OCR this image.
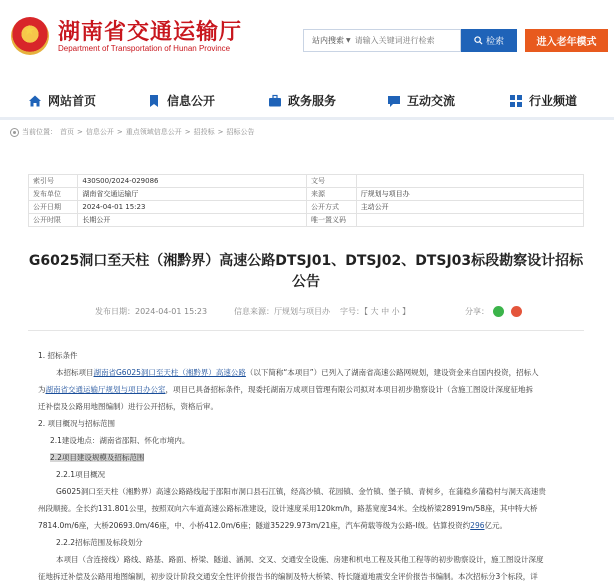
★ 湖南省交通运输厅
Department of Transportation of Hunan Province
站内搜索 ▼
请输入关键词进行检索	检索	进入老年模式
网站首页	信息公开	政务服务	互动交流	行业频道
当前位置： 首页 > 信息公开 > 重点领域信息公开 > 招投标 > 招标公告
索引号	430S00/2024-029086	文号	
发布单位	湖南省交通运输厅	来源	厅规划与项目办
公开日期	2024-04-01 15:23	公开方式	主动公开
公开时限	长期公开	唯一置义码	
G6025洞口至天柱（湘黔界）高速公路DTSJ01、DTSJ02、DTSJ03标段勘察设计招标公告
发布日期：2024-04-01 15:23	信息来源：厅规划与项目办 字号：【 大 中 小 】	分享：
1. 招标条件
本招标项目湖南省G6025洞口至天柱（湘黔界）高速公路（以下简称“本项目”）已列入了湖南省高速公路网规划，建设资金来自国内投资，招标人
为湖南省交通运输厅规划与项目办公室，项目已具备招标条件，现委托湖南万成项目管理有限公司拟对本项目初步勘察设计（含施工图设计深度征地拆
迁补偿及公路用地图编制）进行公开招标，资格后审。
2. 项目概况与招标范围
2.1建设地点：湖南省邵阳、怀化市境内。
2.2项目建设规模及招标范围
2.2.1项目概况
G6025洞口至天柱（湘黔界）高速公路路线起于邵阳市洞口县石江镇，经高沙镇、花园镇、金竹镇、堡子镇、青树乡，在蒲稳乡蒲稳村与洞天高速贵
州段顺接。全长约131.801公里，按照双向六车道高速公路标准建设，设计速度采用120km/h，路基宽度34米。全线桥梁28919m/58座，其中特大桥
7814.0m/6座，大桥20693.0m/46座，中、小桥412.0m/6座；隧道35229.973m/21座，汽车荷载等级为公路-I级。估算投资约296亿元。
2.2.2招标范围及标段划分
本项目（含连接线）路线、路基、路面、桥梁、隧道、涵洞、交叉、交通安全设施、房建和机电工程及其他工程等的初步勘察设计，施工图设计深度
征地拆迁补偿及公路用地图编制，初步设计阶段交通安全性评价报告书的编制及特大桥梁、特长隧道地震安全评价报告书编制。本次招标分3个标段，详
